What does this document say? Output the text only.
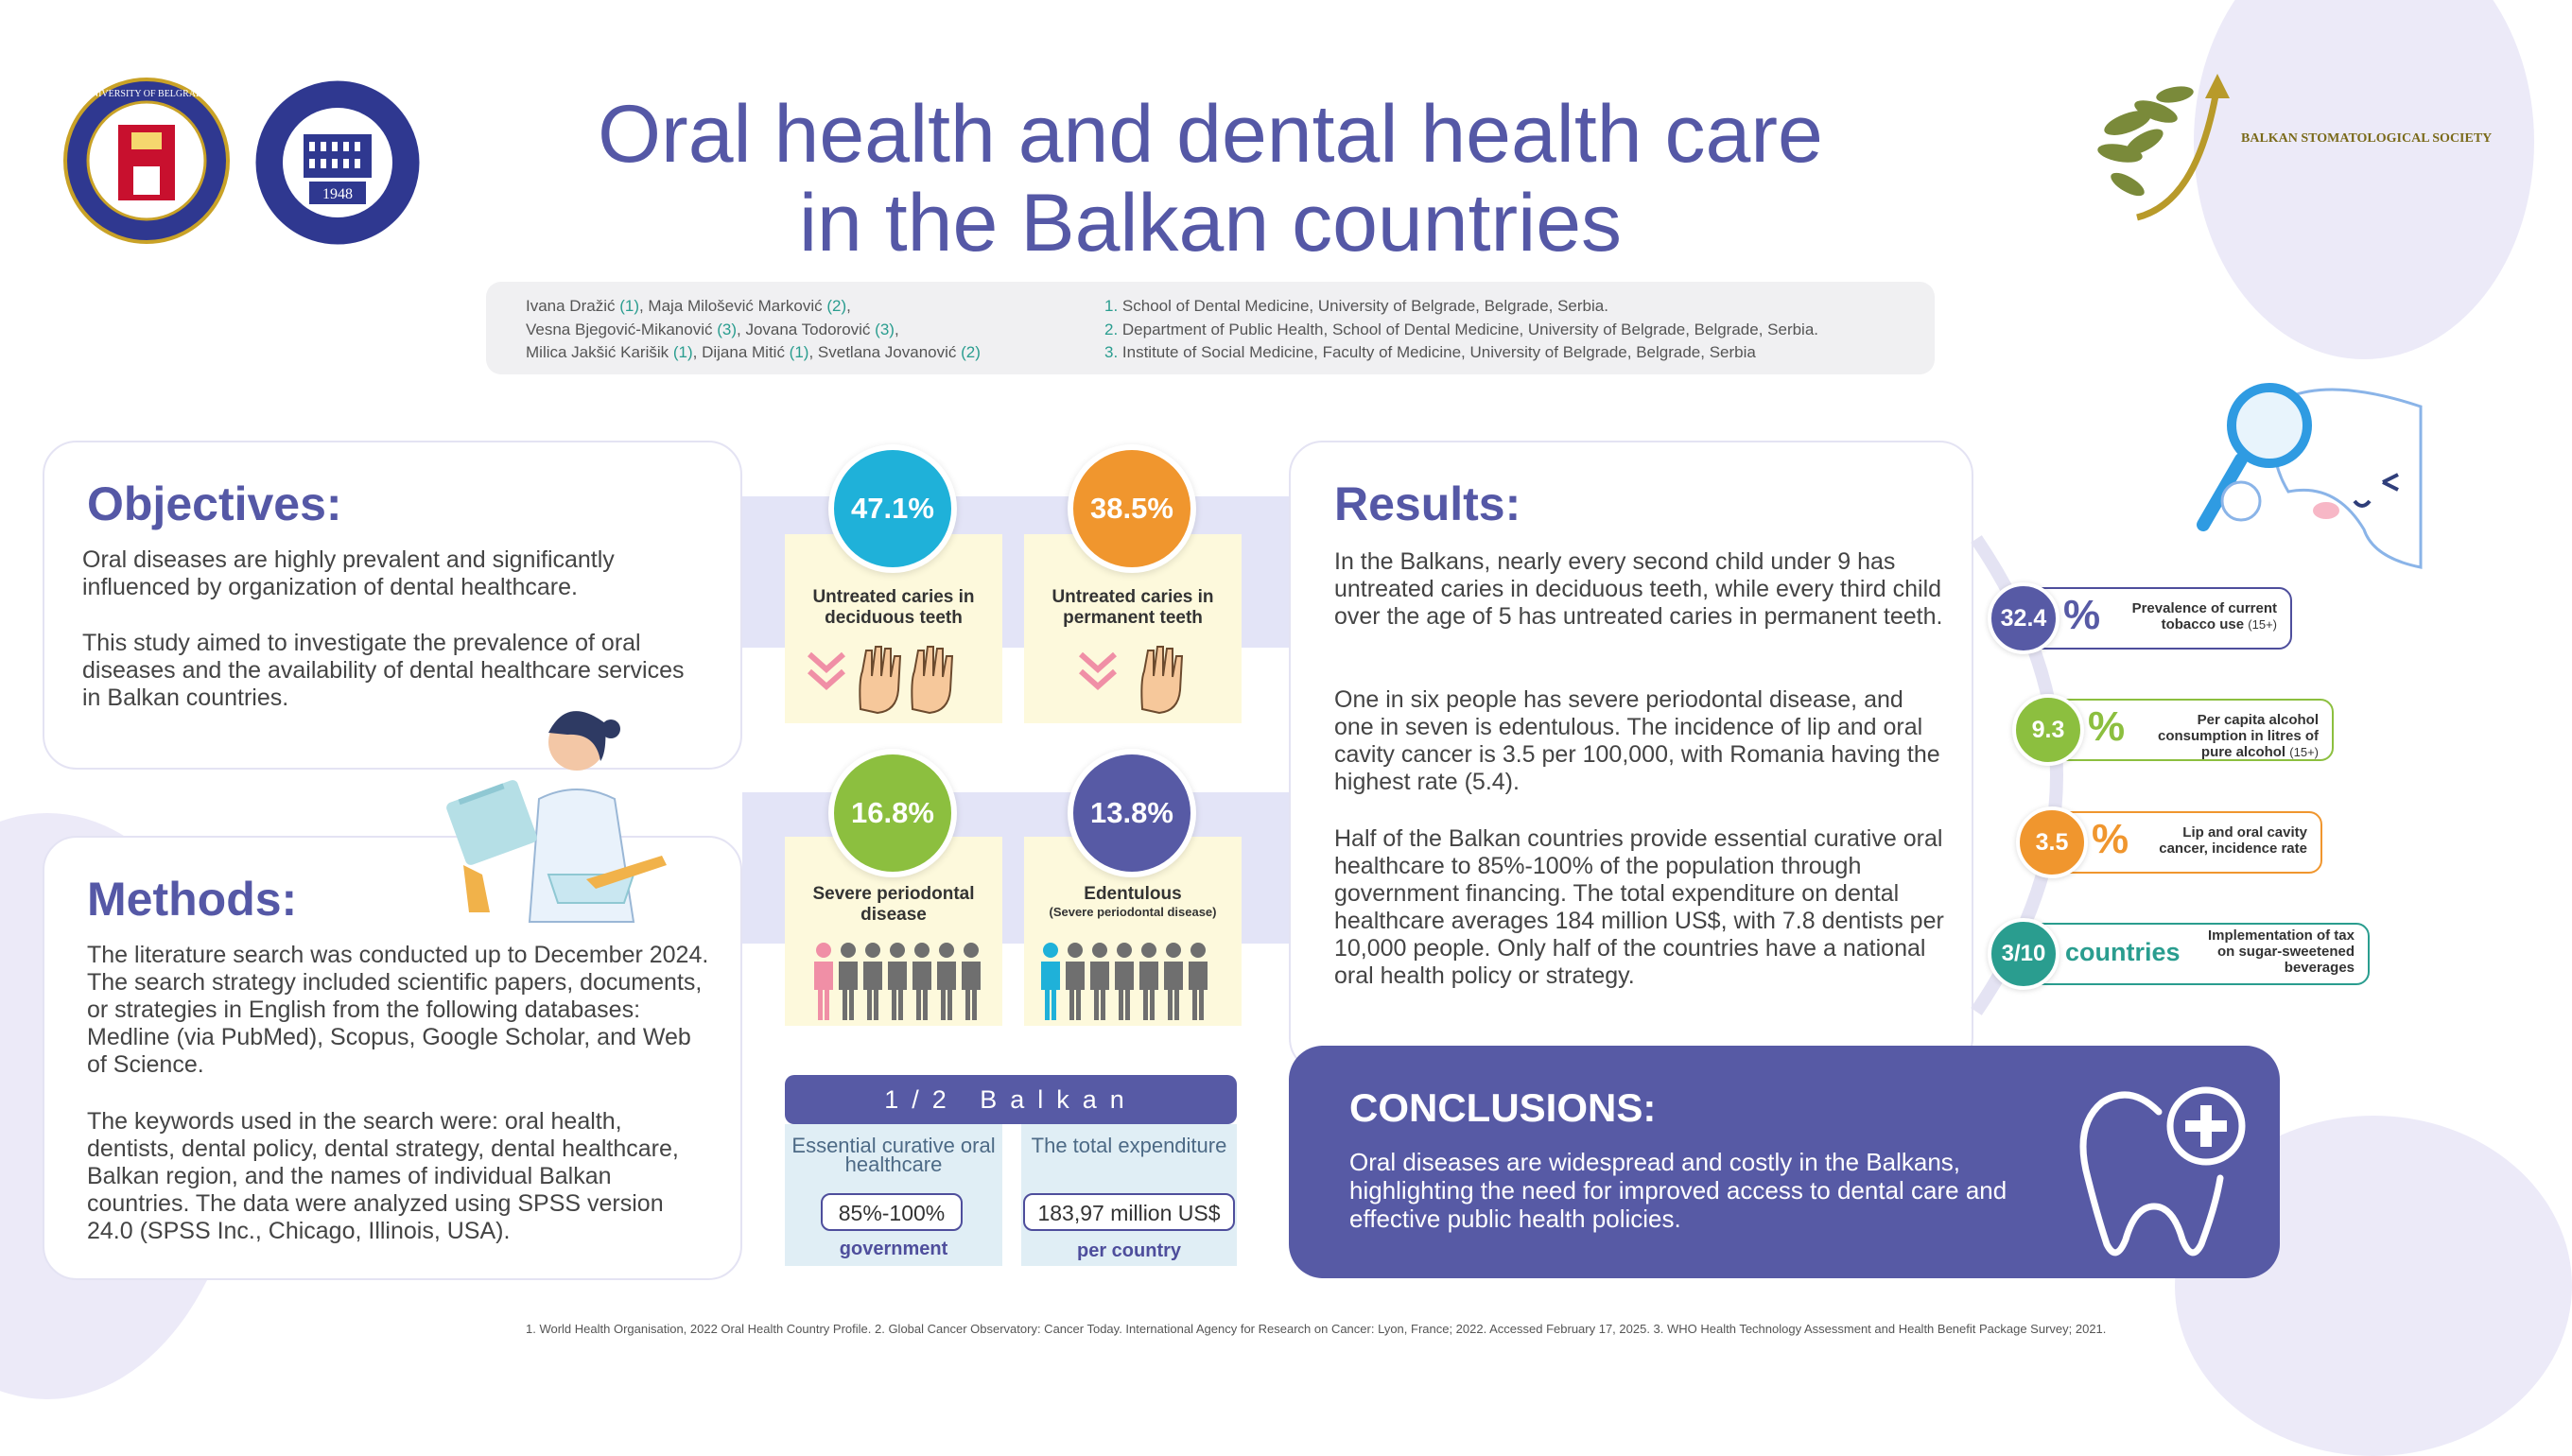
UNIVERSITY OF BELGRADE
1948
BALKAN STOMATOLOGICAL SOCIETY
Oral health and dental health care
in the Balkan countries
Ivana Dražić (1), Maja Milošević Marković (2),
Vesna Bjegović-Mikanović (3), Jovana Todorović (3),
Milica Jakšić Karišik (1), Dijana Mitić (1), Svetlana Jovanović (2)
1. School of Dental Medicine, University of Belgrade, Belgrade, Serbia.
2. Department of Public Health, School of Dental Medicine, University of Belgrade, Belgrade, Serbia.
3. Institute of Social Medicine, Faculty of Medicine, University of Belgrade, Belgrade, Serbia
Objectives:
Oral diseases are highly prevalent and significantly influenced by organization of dental healthcare.
This study aimed to investigate the prevalence of oral diseases and the availability of dental healthcare services in Balkan countries.
Methods:
The literature search was conducted up to December 2024. The search strategy included scientific papers, documents, or strategies in English from the following databases: Medline (via PubMed), Scopus, Google Scholar, and Web of Science.
The keywords used in the search were: oral health, dentists, dental policy, dental strategy, dental healthcare, Balkan region, and the names of individual Balkan countries. The data were analyzed using SPSS version 24.0 (SPSS Inc., Chicago, Illinois, USA).
47.1%	38.5%
16.8%	13.8%
Untreated caries in deciduous teeth
Untreated caries in permanent teeth
Severe periodontal disease
Edentulous
(Severe periodontal disease)
1/2 Balkan
Essential curative oral healthcare
The total expenditure
85%-100%	183,97 million US$
government	per country
Results:
In the Balkans, nearly every second child under 9 has untreated caries in deciduous teeth, while every third child over the age of 5 has untreated caries in permanent teeth.
One in six people has severe periodontal disease, and one in seven is edentulous. The incidence of lip and oral cavity cancer is 3.5 per 100,000, with Romania having the highest rate (5.4).
Half of the Balkan countries provide essential curative oral healthcare to 85%-100% of the population through government financing. The total expenditure on dental healthcare averages 184 million US$, with 7.8 dentists per 10,000 people. Only half of the countries have a national oral health policy or strategy.
32.4 %	Prevalence of current tobacco use (15+)
9.3 %	Per capita alcohol consumption in litres of pure alcohol (15+)
3.5 %	Lip and oral cavity cancer, incidence rate
3/10 countries
Implementation of tax on sugar-sweetened beverages
CONCLUSIONS:
Oral diseases are widespread and costly in the Balkans, highlighting the need for improved access to dental care and effective public health policies.
1. World Health Organisation, 2022 Oral Health Country Profile. 2. Global Cancer Observatory: Cancer Today. International Agency for Research on Cancer: Lyon, France; 2022. Accessed February 17, 2025. 3. WHO Health Technology Assessment and Health Benefit Package Survey; 2021.
